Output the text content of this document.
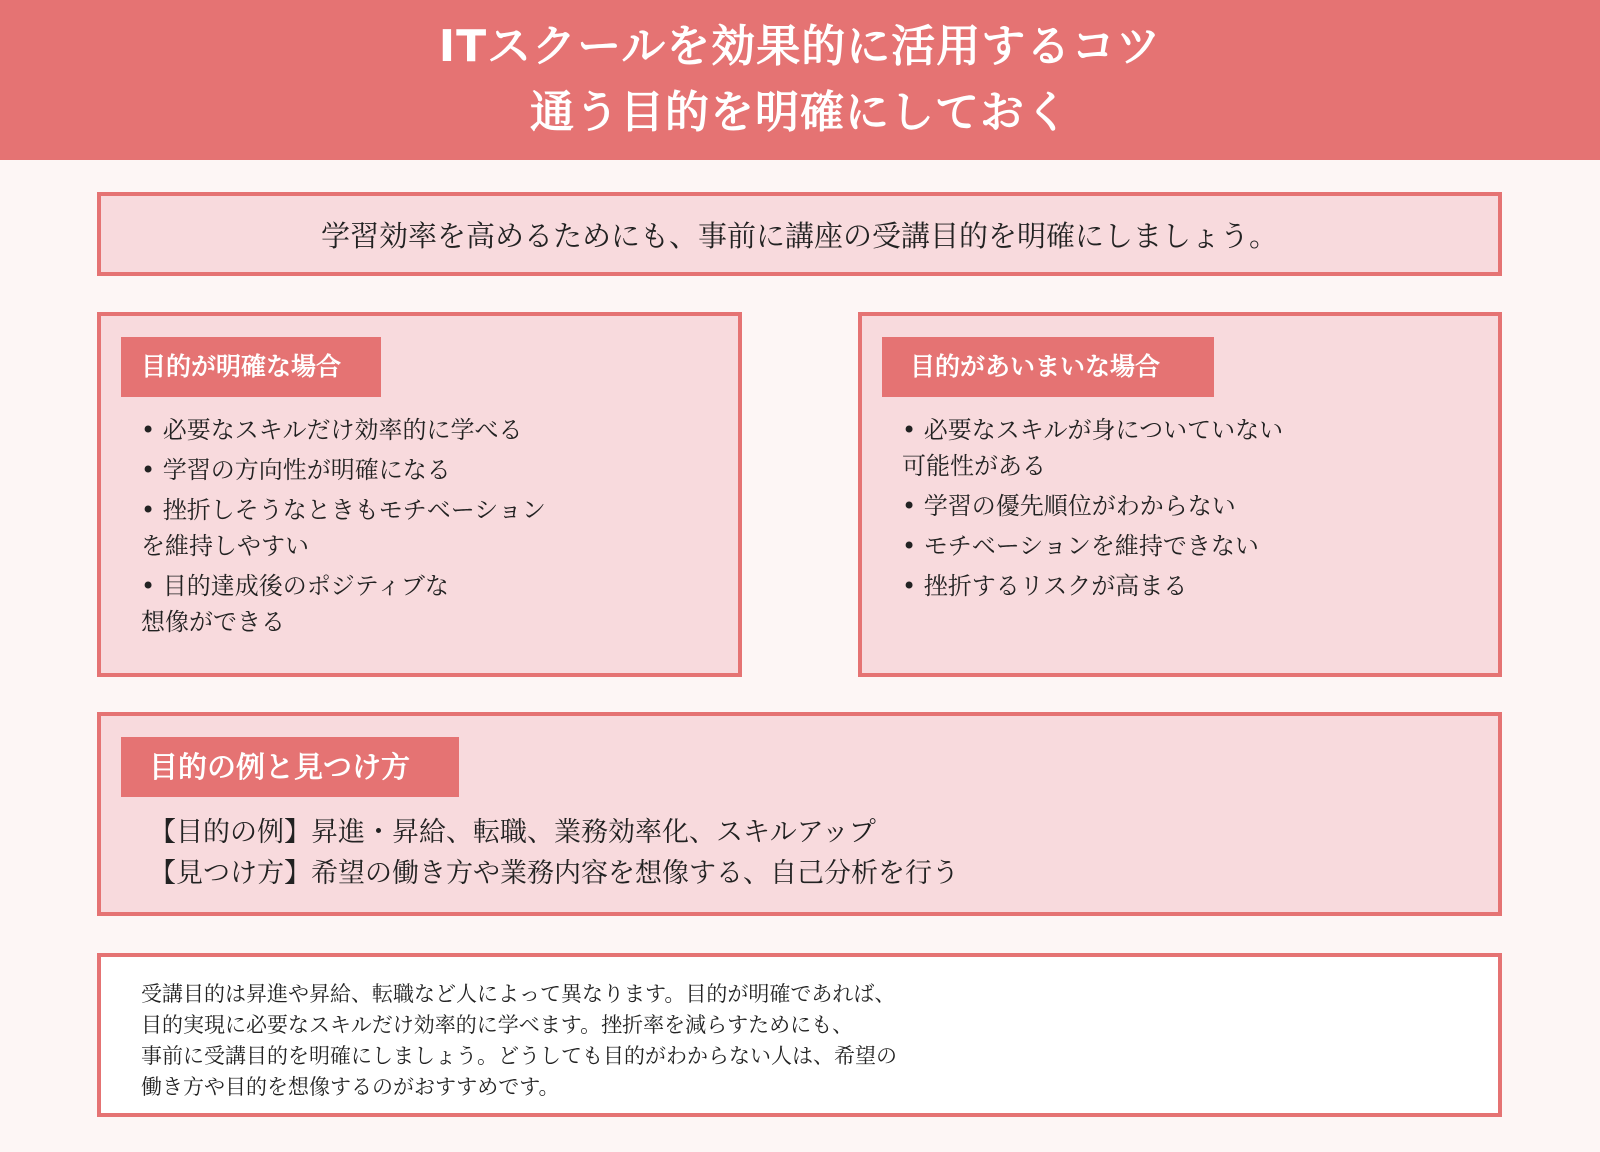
ITスクールを効果的に活用するコツ
通う目的を明確にしておく
学習効率を高めるためにも、事前に講座の受講目的を明確にしましょう。
目的が明確な場合
• 必要なスキルだけ効率的に学べる
• 学習の方向性が明確になる
• 挫折しそうなときもモチベーション
を維持しやすい
• 目的達成後のポジティブな
想像ができる
目的があいまいな場合
• 必要なスキルが身についていない
可能性がある
• 学習の優先順位がわからない
• モチベーションを維持できない
• 挫折するリスクが高まる
目的の例と見つけ方
【目的の例】昇進・昇給、転職、業務効率化、スキルアップ
【見つけ方】希望の働き方や業務内容を想像する、自己分析を行う
受講目的は昇進や昇給、転職など人によって異なります。目的が明確であれば、
目的実現に必要なスキルだけ効率的に学べます。挫折率を減らすためにも、
事前に受講目的を明確にしましょう。どうしても目的がわからない人は、希望の
働き方や目的を想像するのがおすすめです。
